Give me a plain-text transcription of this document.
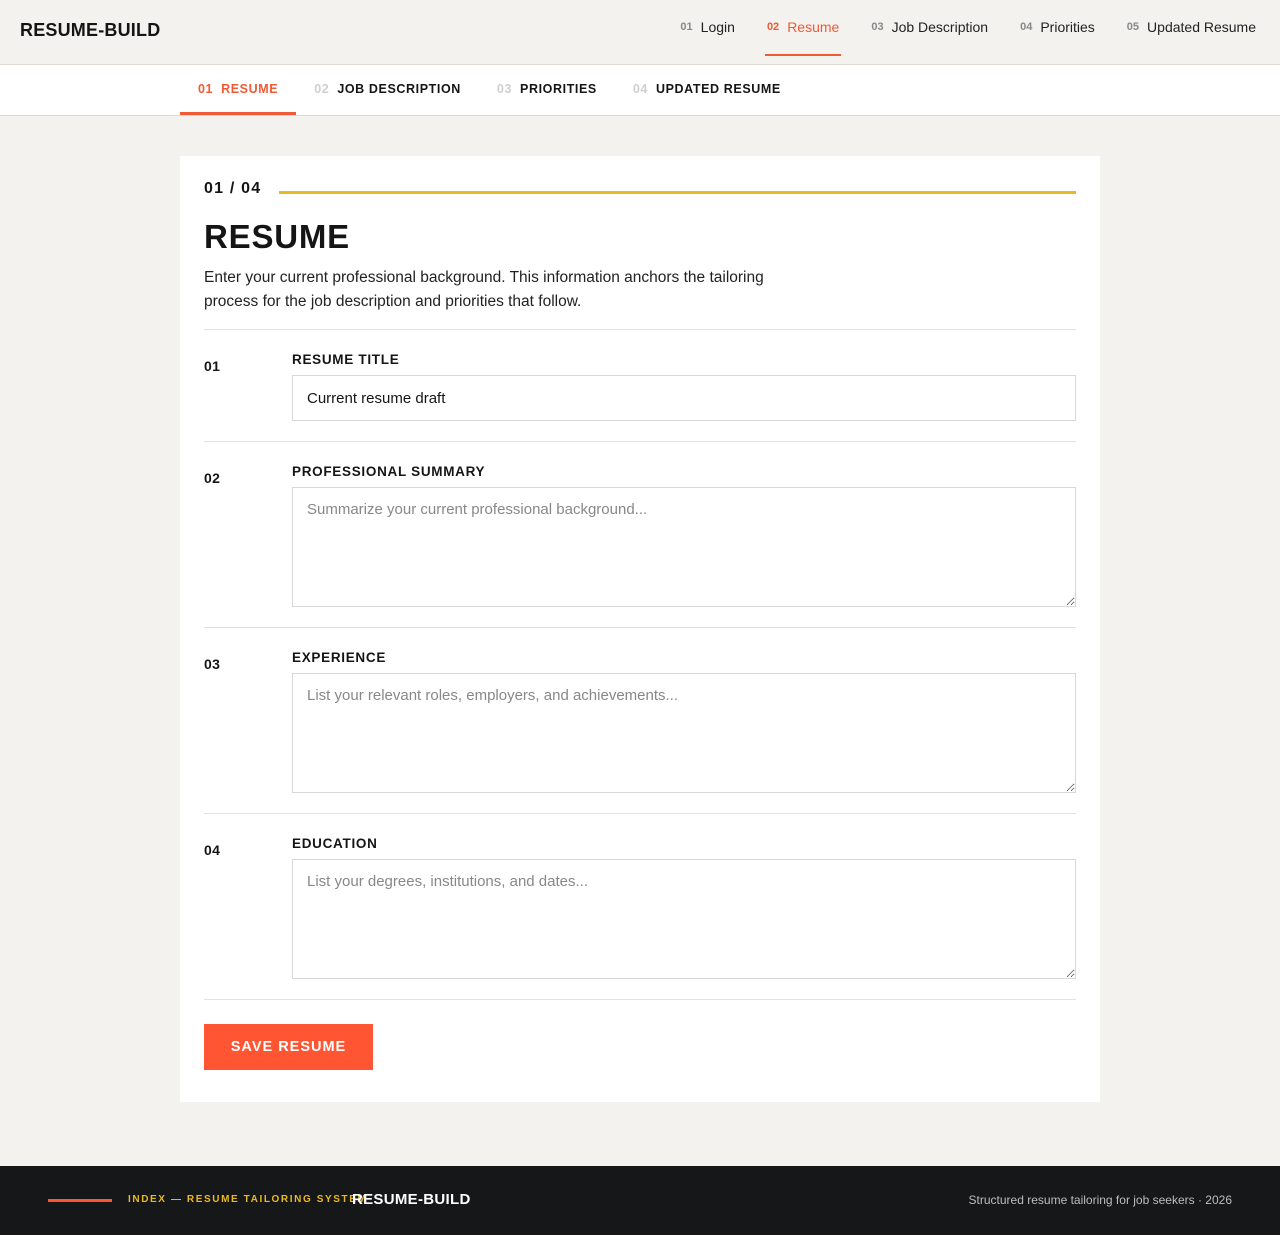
RESUME-BUILD	01 Login	02 Resume	03 Job Description	04 Priorities	05 Updated Resume
01 RESUME	02 JOB DESCRIPTION	03 PRIORITIES	04 UPDATED RESUME
01 / 04
RESUME

Enter your current professional background. This information anchors the tailoring process for the job description and priorities that follow.

01	RESUME TITLE
Current resume draft
02	PROFESSIONAL SUMMARY
Summarize your current professional background...
03	EXPERIENCE
List your relevant roles, employers, and achievements...
04	EDUCATION
List your degrees, institutions, and dates...
SAVE RESUME
INDEX — RESUME TAILORING SYSTEM
RESUME-BUILD	Structured resume tailoring for job seekers · 2026
